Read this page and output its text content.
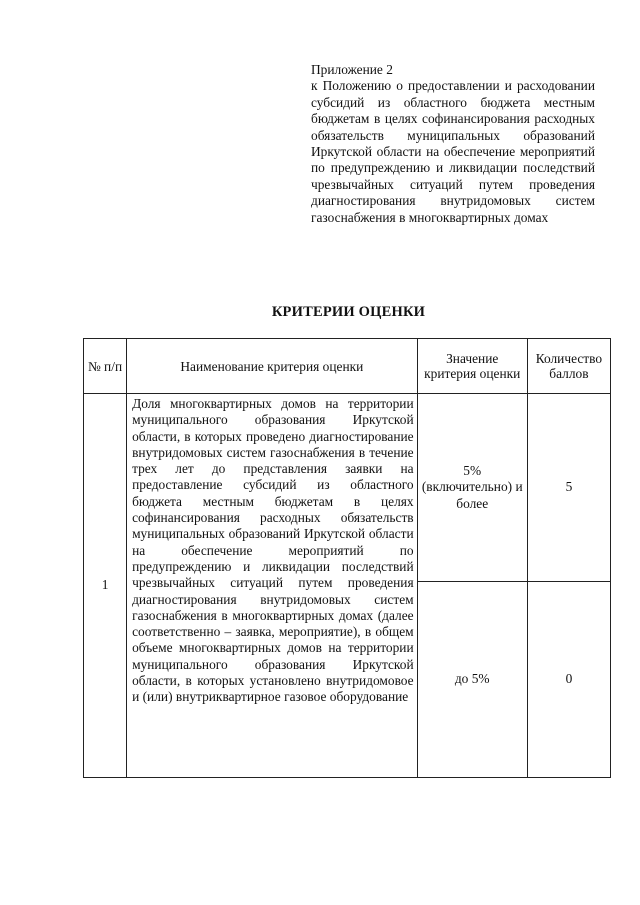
Приложение 2
к Положению о предоставлении и расходовании субсидий из областного бюджета местным бюджетам в целях софинансирования расходных обязательств муниципальных образований Иркутской области на обеспечение мероприятий по предупреждению и ликвидации последствий чрезвычайных ситуаций путем проведения диагностирования внутридомовых систем газоснабжения в многоквартирных домах
КРИТЕРИИ ОЦЕНКИ
№ п/п	Наименование критерия оценки	Значение критерия оценки	Количество баллов
1	Доля многоквартирных домов на территории муниципального образования Иркутской области, в которых проведено диагностирование внутридомовых систем газоснабжения в течение трех лет до представления заявки на предоставление субсидий из областного бюджета местным бюджетам в целях софинансирования расходных обязательств муниципальных образований Иркутской области на обеспечение мероприятий по предупреждению и ликвидации последствий чрезвычайных ситуаций путем проведения диагностирования внутридомовых систем газоснабжения в многоквартирных домах (далее соответственно – заявка, мероприятие), в общем объеме многоквартирных домов на территории муниципального образования Иркутской области, в которых установлено внутридомовое и (или) внутриквартирное газовое оборудование	5% (включительно) и более	5
		до 5%	0
